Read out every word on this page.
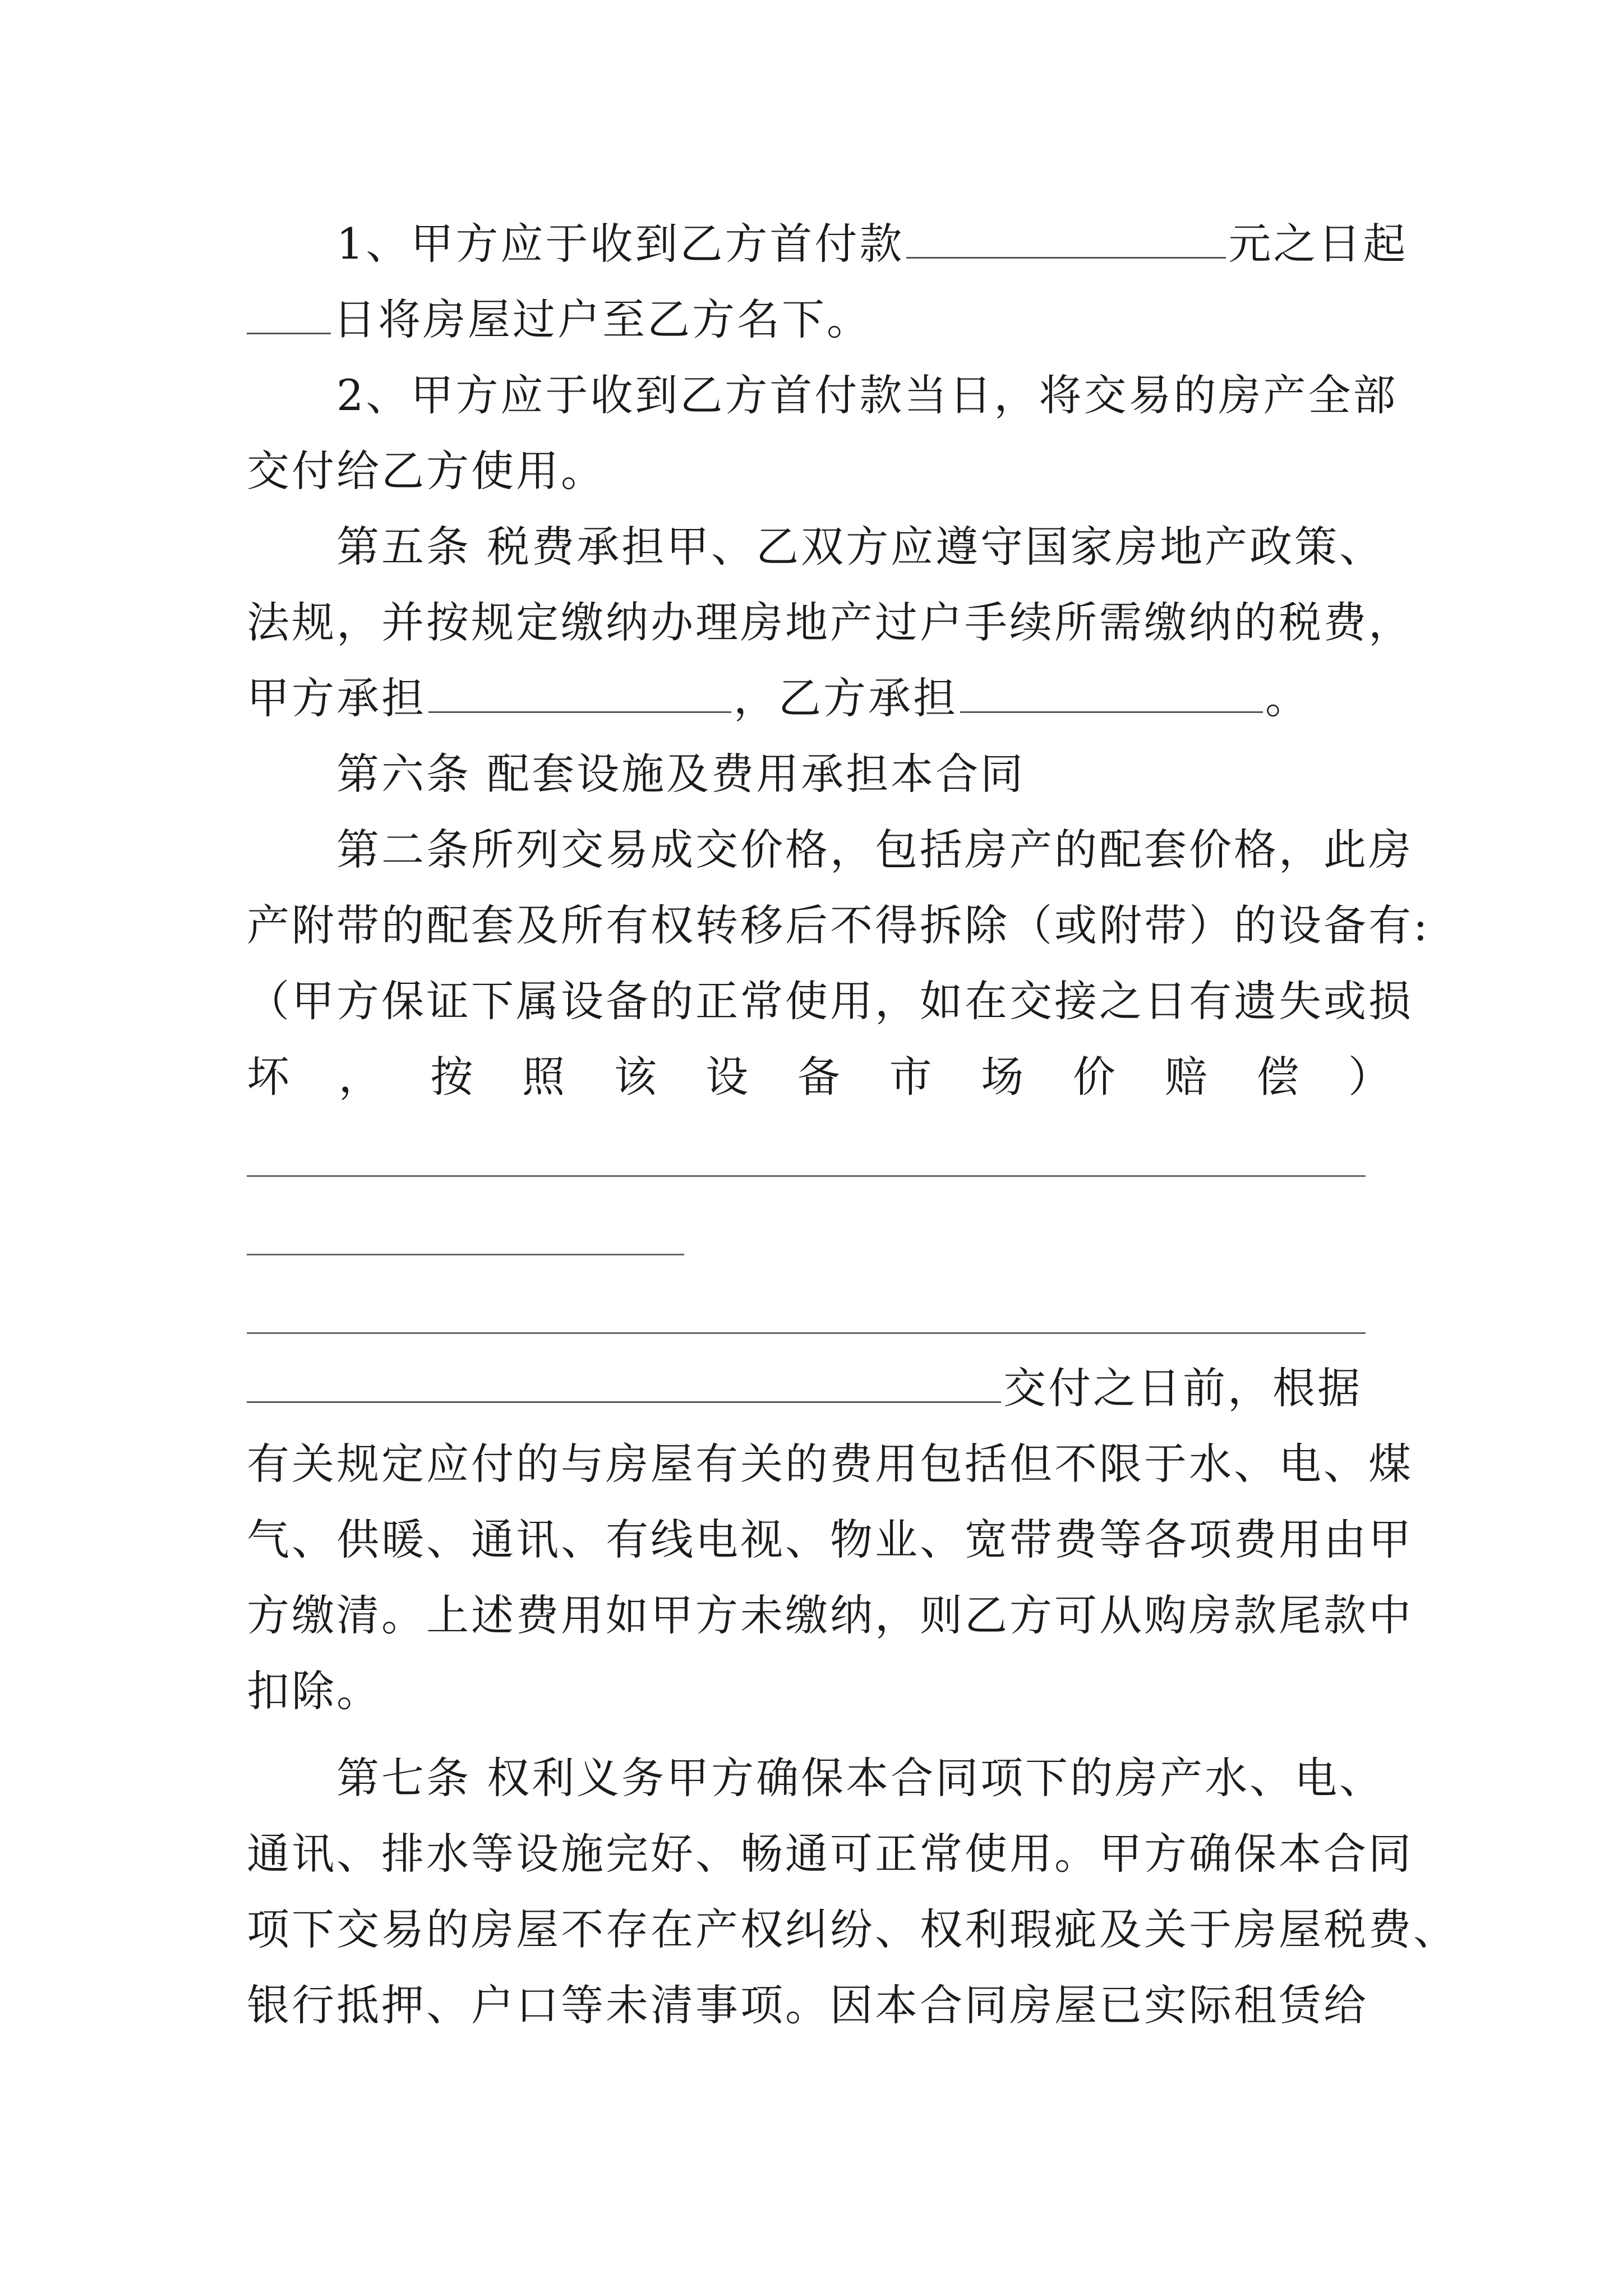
1、甲方应于收到乙方首付款	元之日起
日将房屋过户至乙方名下。
2、甲方应于收到乙方首付款当日，将交易的房产全部
交付给乙方使用。
第五条 税费承担甲、乙双方应遵守国家房地产政策、
法规，并按规定缴纳办理房地产过户手续所需缴纳的税费，
甲方承担	，乙方承担	。
第六条 配套设施及费用承担本合同
第二条所列交易成交价格，包括房产的配套价格，此房
产附带的配套及所有权转移后不得拆除（或附带）的设备有:
（甲方保证下属设备的正常使用，如在交接之日有遗失或损
坏 ， 按 照 该 设 备 市 场 价 赔 偿 ）
交付之日前，根据
有关规定应付的与房屋有关的费用包括但不限于水、电、煤
气、供暖、通讯、有线电视、物业、宽带费等各项费用由甲
方缴清。上述费用如甲方未缴纳，则乙方可从购房款尾款中
扣除。
第七条 权利义务甲方确保本合同项下的房产水、电、
通讯、排水等设施完好、畅通可正常使用。甲方确保本合同
项下交易的房屋不存在产权纠纷、权利瑕疵及关于房屋税费、
银行抵押、户口等未清事项。因本合同房屋已实际租赁给
